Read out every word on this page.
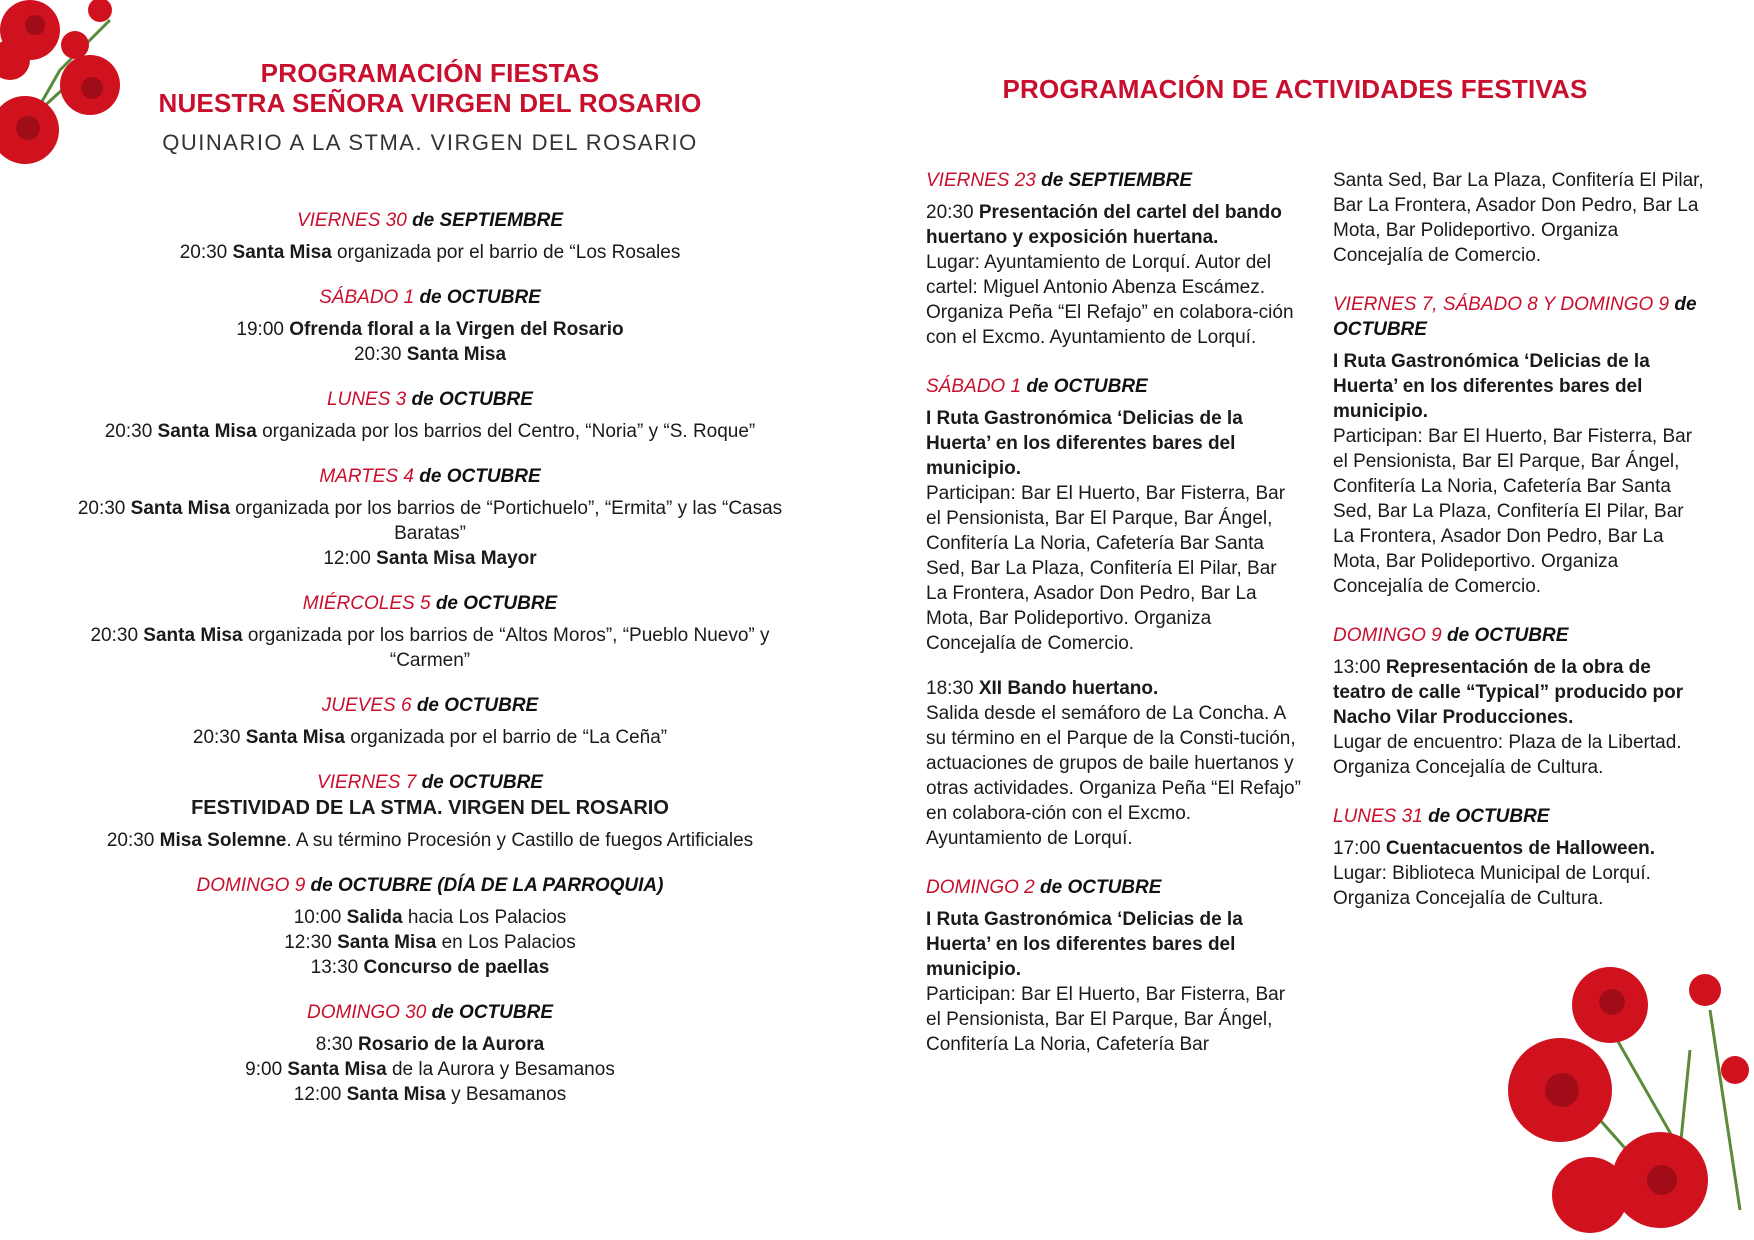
PROGRAMACIÓN FIESTAS
NUESTRA SEÑORA VIRGEN DEL ROSARIO
QUINARIO A LA STMA. VIRGEN DEL ROSARIO
VIERNES 30 de SEPTIEMBRE
20:30 Santa Misa organizada por el barrio de “Los Rosales
SÁBADO 1 de OCTUBRE
19:00 Ofrenda floral a la Virgen del Rosario
20:30 Santa Misa
LUNES 3 de OCTUBRE
20:30 Santa Misa organizada por los barrios del Centro, “Noria” y “S. Roque”
MARTES 4 de OCTUBRE
20:30 Santa Misa organizada por los barrios de “Portichuelo”, “Ermita” y las “Casas Baratas”
12:00 Santa Misa Mayor
MIÉRCOLES 5 de OCTUBRE
20:30 Santa Misa organizada por los barrios de “Altos Moros”, “Pueblo Nuevo” y “Carmen”
JUEVES 6 de OCTUBRE
20:30 Santa Misa organizada por el barrio de “La Ceña”
VIERNES 7 de OCTUBRE
FESTIVIDAD DE LA STMA. VIRGEN DEL ROSARIO
20:30 Misa Solemne. A su término Procesión y Castillo de fuegos Artificiales
DOMINGO 9 de OCTUBRE (DÍA DE LA PARROQUIA)
10:00 Salida hacia Los Palacios
12:30 Santa Misa en Los Palacios
13:30 Concurso de paellas
DOMINGO 30 de OCTUBRE
8:30 Rosario de la Aurora
9:00 Santa Misa de la Aurora y Besamanos
12:00 Santa Misa y Besamanos
PROGRAMACIÓN DE ACTIVIDADES FESTIVAS
VIERNES 23 de SEPTIEMBRE
20:30 Presentación del cartel del bando huertano y exposición huertana.
Lugar: Ayuntamiento de Lorquí. Autor del cartel: Miguel Antonio Abenza Escámez. Organiza Peña “El Refajo” en colabora-ción con el Excmo. Ayuntamiento de Lorquí.
SÁBADO 1 de OCTUBRE
I Ruta Gastronómica ‘Delicias de la Huerta’ en los diferentes bares del municipio.
Participan: Bar El Huerto, Bar Fisterra, Bar el Pensionista, Bar El Parque, Bar Ángel, Confitería La Noria, Cafetería Bar Santa Sed, Bar La Plaza, Confitería El Pilar, Bar La Frontera, Asador Don Pedro, Bar La Mota, Bar Polideportivo. Organiza Concejalía de Comercio.
18:30 XII Bando huertano.
Salida desde el semáforo de La Concha. A su término en el Parque de la Consti-tución, actuaciones de grupos de baile huertanos y otras actividades. Organiza Peña “El Refajo” en colabora-ción con el Excmo. Ayuntamiento de Lorquí.
DOMINGO 2 de OCTUBRE
I Ruta Gastronómica ‘Delicias de la Huerta’ en los diferentes bares del municipio.
Participan: Bar El Huerto, Bar Fisterra, Bar el Pensionista, Bar El Parque, Bar Ángel, Confitería La Noria, Cafetería Bar
Santa Sed, Bar La Plaza, Confitería El Pilar, Bar La Frontera, Asador Don Pedro, Bar La Mota, Bar Polideportivo. Organiza Concejalía de Comercio.
VIERNES 7, SÁBADO 8 Y DOMINGO 9 de OCTUBRE
I Ruta Gastronómica ‘Delicias de la Huerta’ en los diferentes bares del municipio.
Participan: Bar El Huerto, Bar Fisterra, Bar el Pensionista, Bar El Parque, Bar Ángel, Confitería La Noria, Cafetería Bar Santa Sed, Bar La Plaza, Confitería El Pilar, Bar La Frontera, Asador Don Pedro, Bar La Mota, Bar Polideportivo. Organiza Concejalía de Comercio.
DOMINGO 9 de OCTUBRE
13:00 Representación de la obra de teatro de calle “Typical” producido por Nacho Vilar Producciones.
Lugar de encuentro: Plaza de la Libertad. Organiza Concejalía de Cultura.
LUNES 31 de OCTUBRE
17:00 Cuentacuentos de Halloween.
Lugar: Biblioteca Municipal de Lorquí. Organiza Concejalía de Cultura.
